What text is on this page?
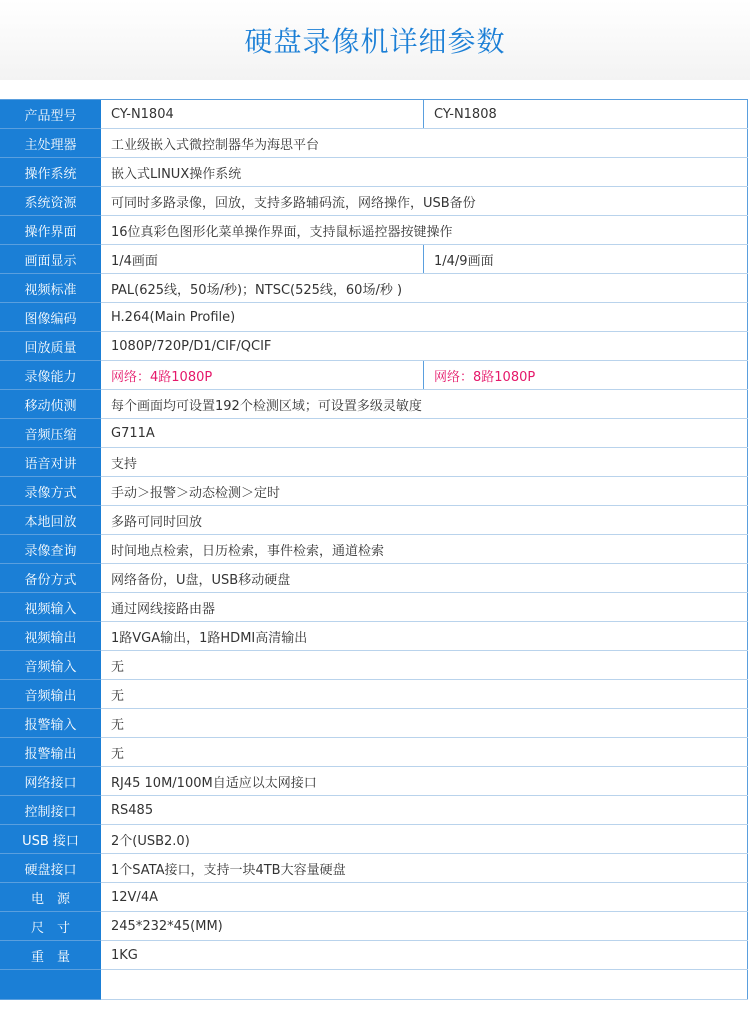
硬盘录像机详细参数
产品型号	CY-N1804	CY-N1808
主处理器	工业级嵌入式微控制器华为海思平台	
操作系统	嵌入式LINUX操作系统	
系统资源	可同时多路录像，回放，支持多路辅码流，网络操作，USB备份	
操作界面	16位真彩色图形化菜单操作界面，支持鼠标遥控器按键操作	
画面显示	1/4画面	1/4/9画面
视频标准	PAL(625线，50场/秒)；NTSC(525线，60场/秒 )	
图像编码	H.264(Main Profile)	
回放质量	1080P/720P/D1/CIF/QCIF	
录像能力	网络：4路1080P	网络：8路1080P
移动侦测	每个画面均可设置192个检测区域；可设置多级灵敏度	
音频压缩	G711A	
语音对讲	支持	
录像方式	手动＞报警＞动态检测＞定时	
本地回放	多路可同时回放	
录像查询	时间地点检索，日历检索，事件检索，通道检索	
备份方式	网络备份，U盘，USB移动硬盘	
视频输入	通过网线接路由器	
视频输出	1路VGA输出，1路HDMI高清输出	
音频输入	无	
音频输出	无	
报警输入	无	
报警输出	无	
网络接口	RJ45 10M/100M自适应以太网接口	
控制接口	RS485	
USB 接口	2个(USB2.0)	
硬盘接口	1个SATA接口，支持一块4TB大容量硬盘	
电　源	12V/4A	
尺　寸	245*232*45(MM)	
重　量	1KG	
